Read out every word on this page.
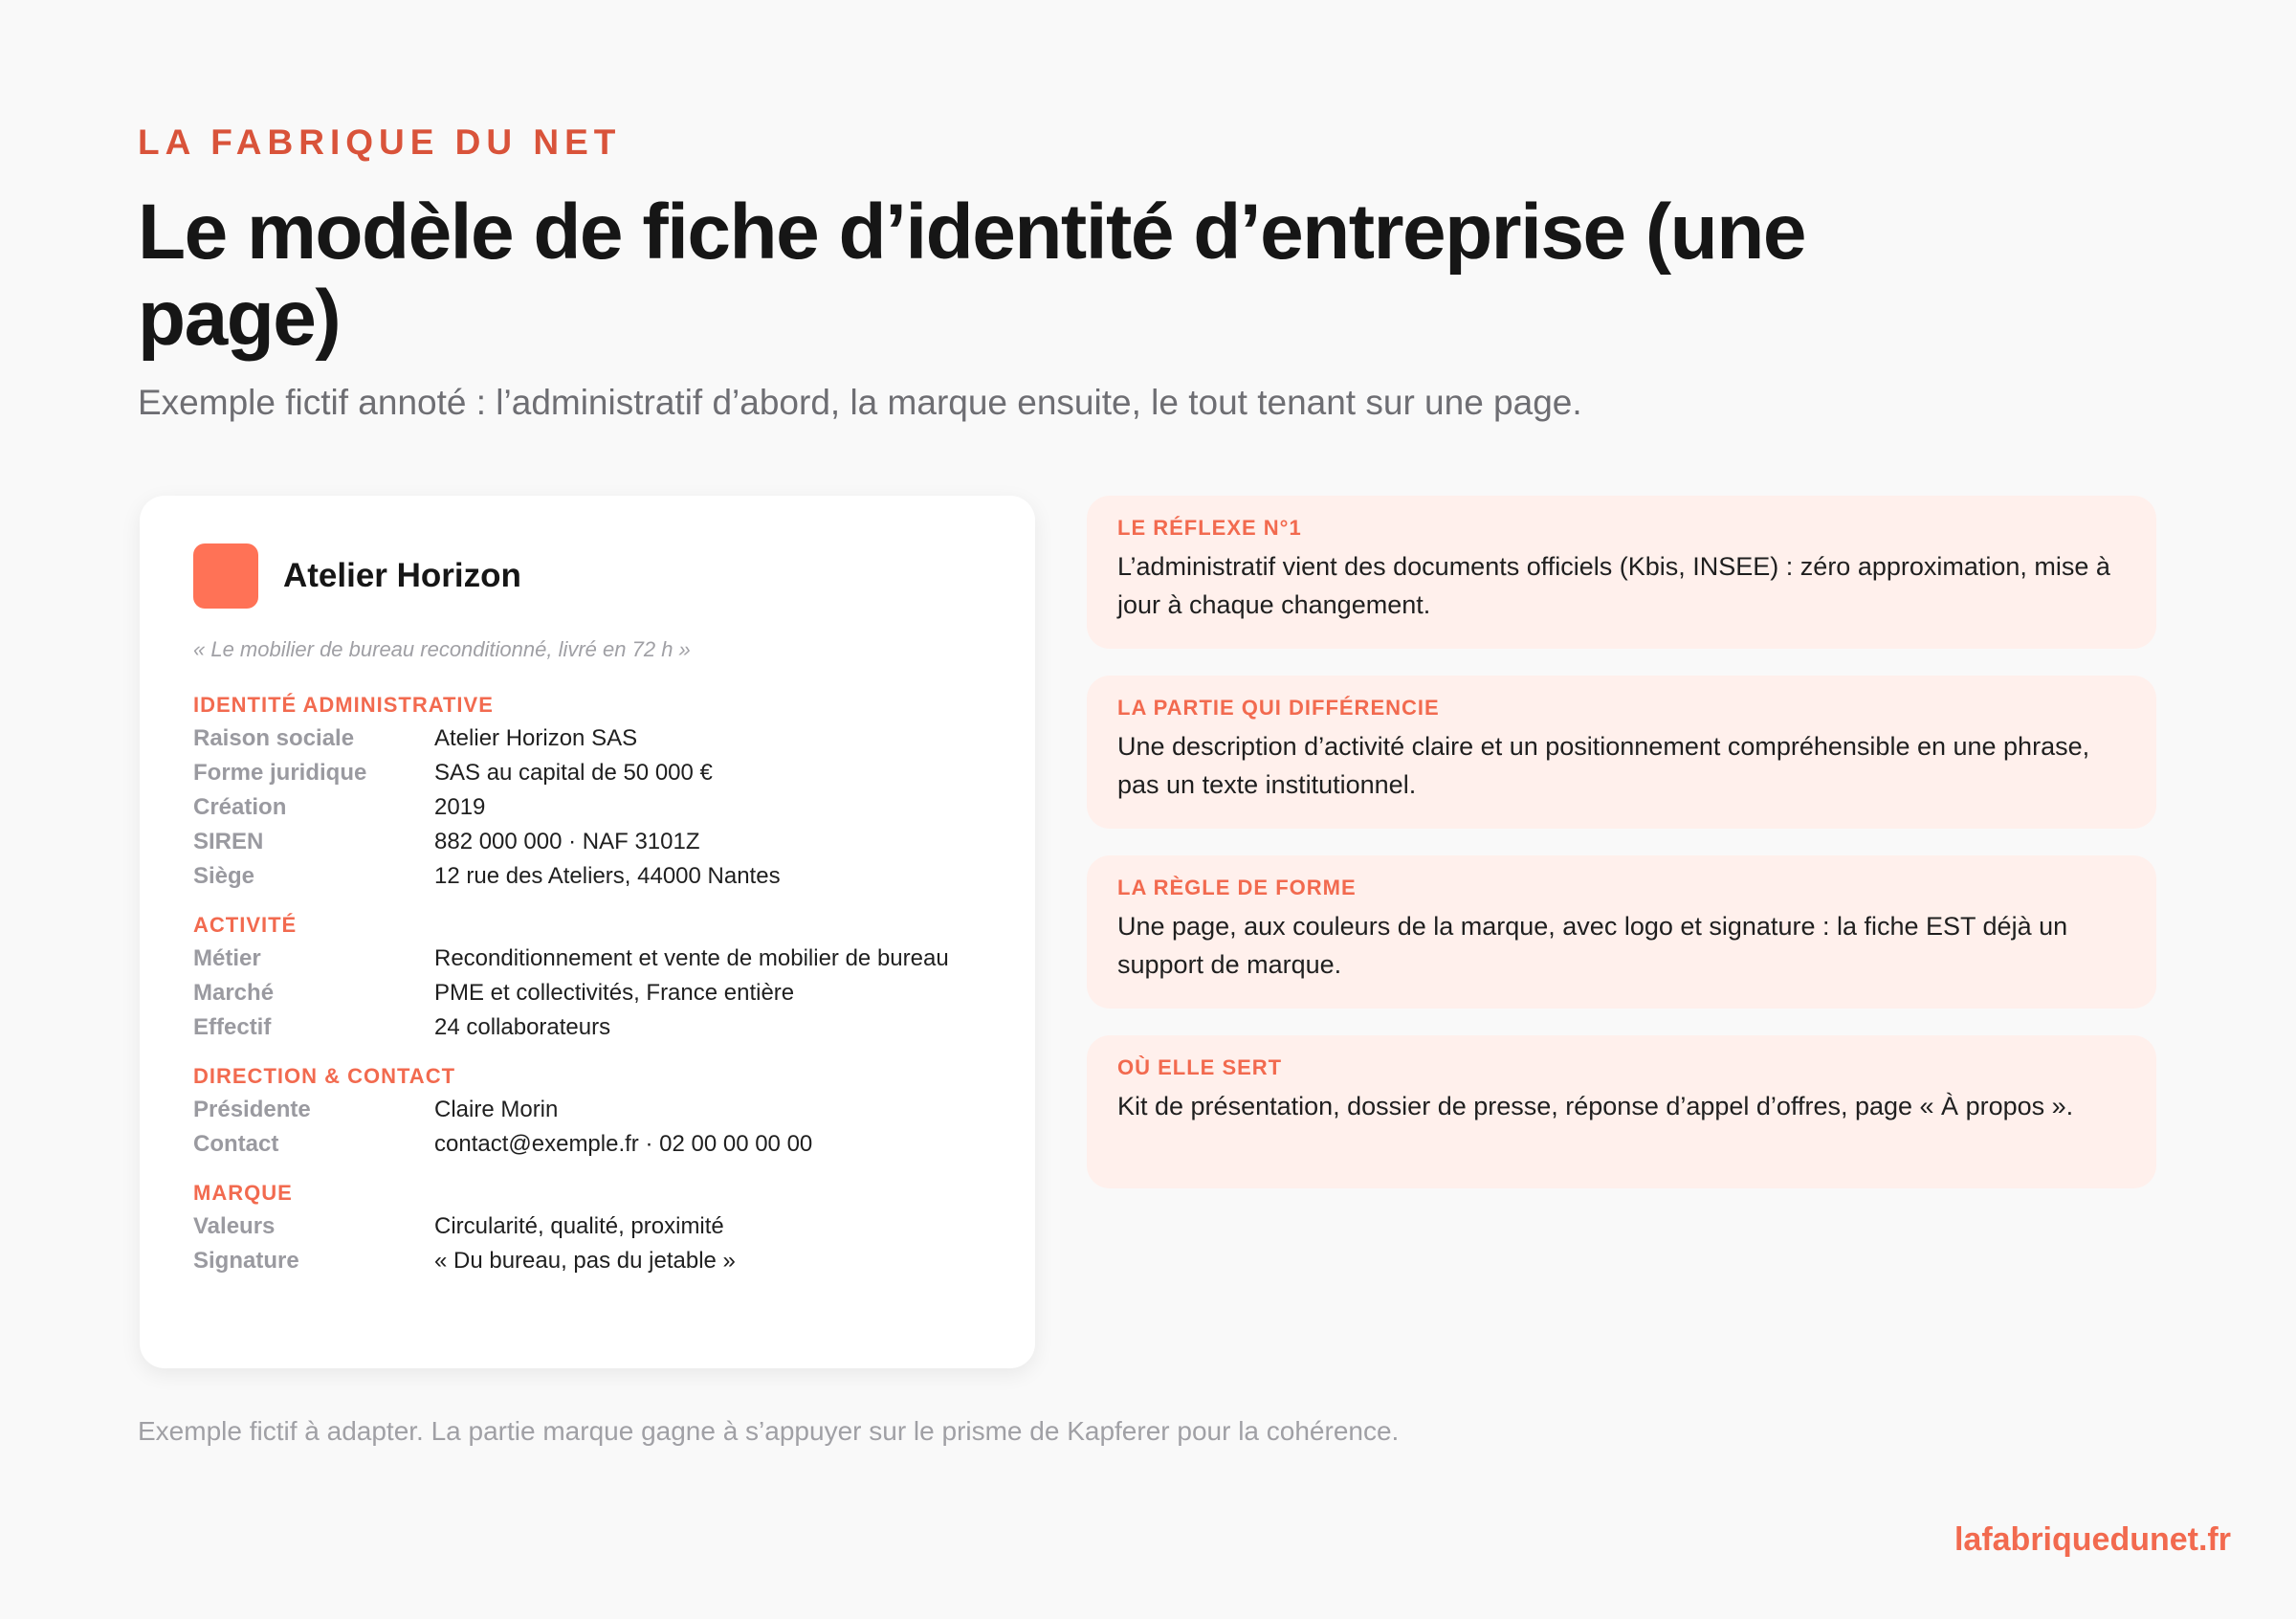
LA FABRIQUE DU NET
Le modèle de fiche d’identité d’entreprise (une page)
Exemple fictif annoté : l’administratif d’abord, la marque ensuite, le tout tenant sur une page.
Atelier Horizon
« Le mobilier de bureau reconditionné, livré en 72 h »
IDENTITÉ ADMINISTRATIVE
Raison sociale	Atelier Horizon SAS
Forme juridique	SAS au capital de 50 000 €
Création	2019
SIREN	882 000 000 · NAF 3101Z
Siège	12 rue des Ateliers, 44000 Nantes
ACTIVITÉ
Métier	Reconditionnement et vente de mobilier de bureau
Marché	PME et collectivités, France entière
Effectif	24 collaborateurs
DIRECTION & CONTACT
Présidente	Claire Morin
Contact	contact@exemple.fr · 02 00 00 00 00
MARQUE
Valeurs	Circularité, qualité, proximité
Signature	« Du bureau, pas du jetable »
LE RÉFLEXE N°1
L’administratif vient des documents officiels (Kbis, INSEE) : zéro approximation, mise à jour à chaque changement.
LA PARTIE QUI DIFFÉRENCIE
Une description d’activité claire et un positionnement compréhensible en une phrase, pas un texte institutionnel.
LA RÈGLE DE FORME
Une page, aux couleurs de la marque, avec logo et signature : la fiche EST déjà un support de marque.
OÙ ELLE SERT
Kit de présentation, dossier de presse, réponse d’appel d’offres, page « À propos ».
Exemple fictif à adapter. La partie marque gagne à s’appuyer sur le prisme de Kapferer pour la cohérence.
lafabriquedunet.fr
